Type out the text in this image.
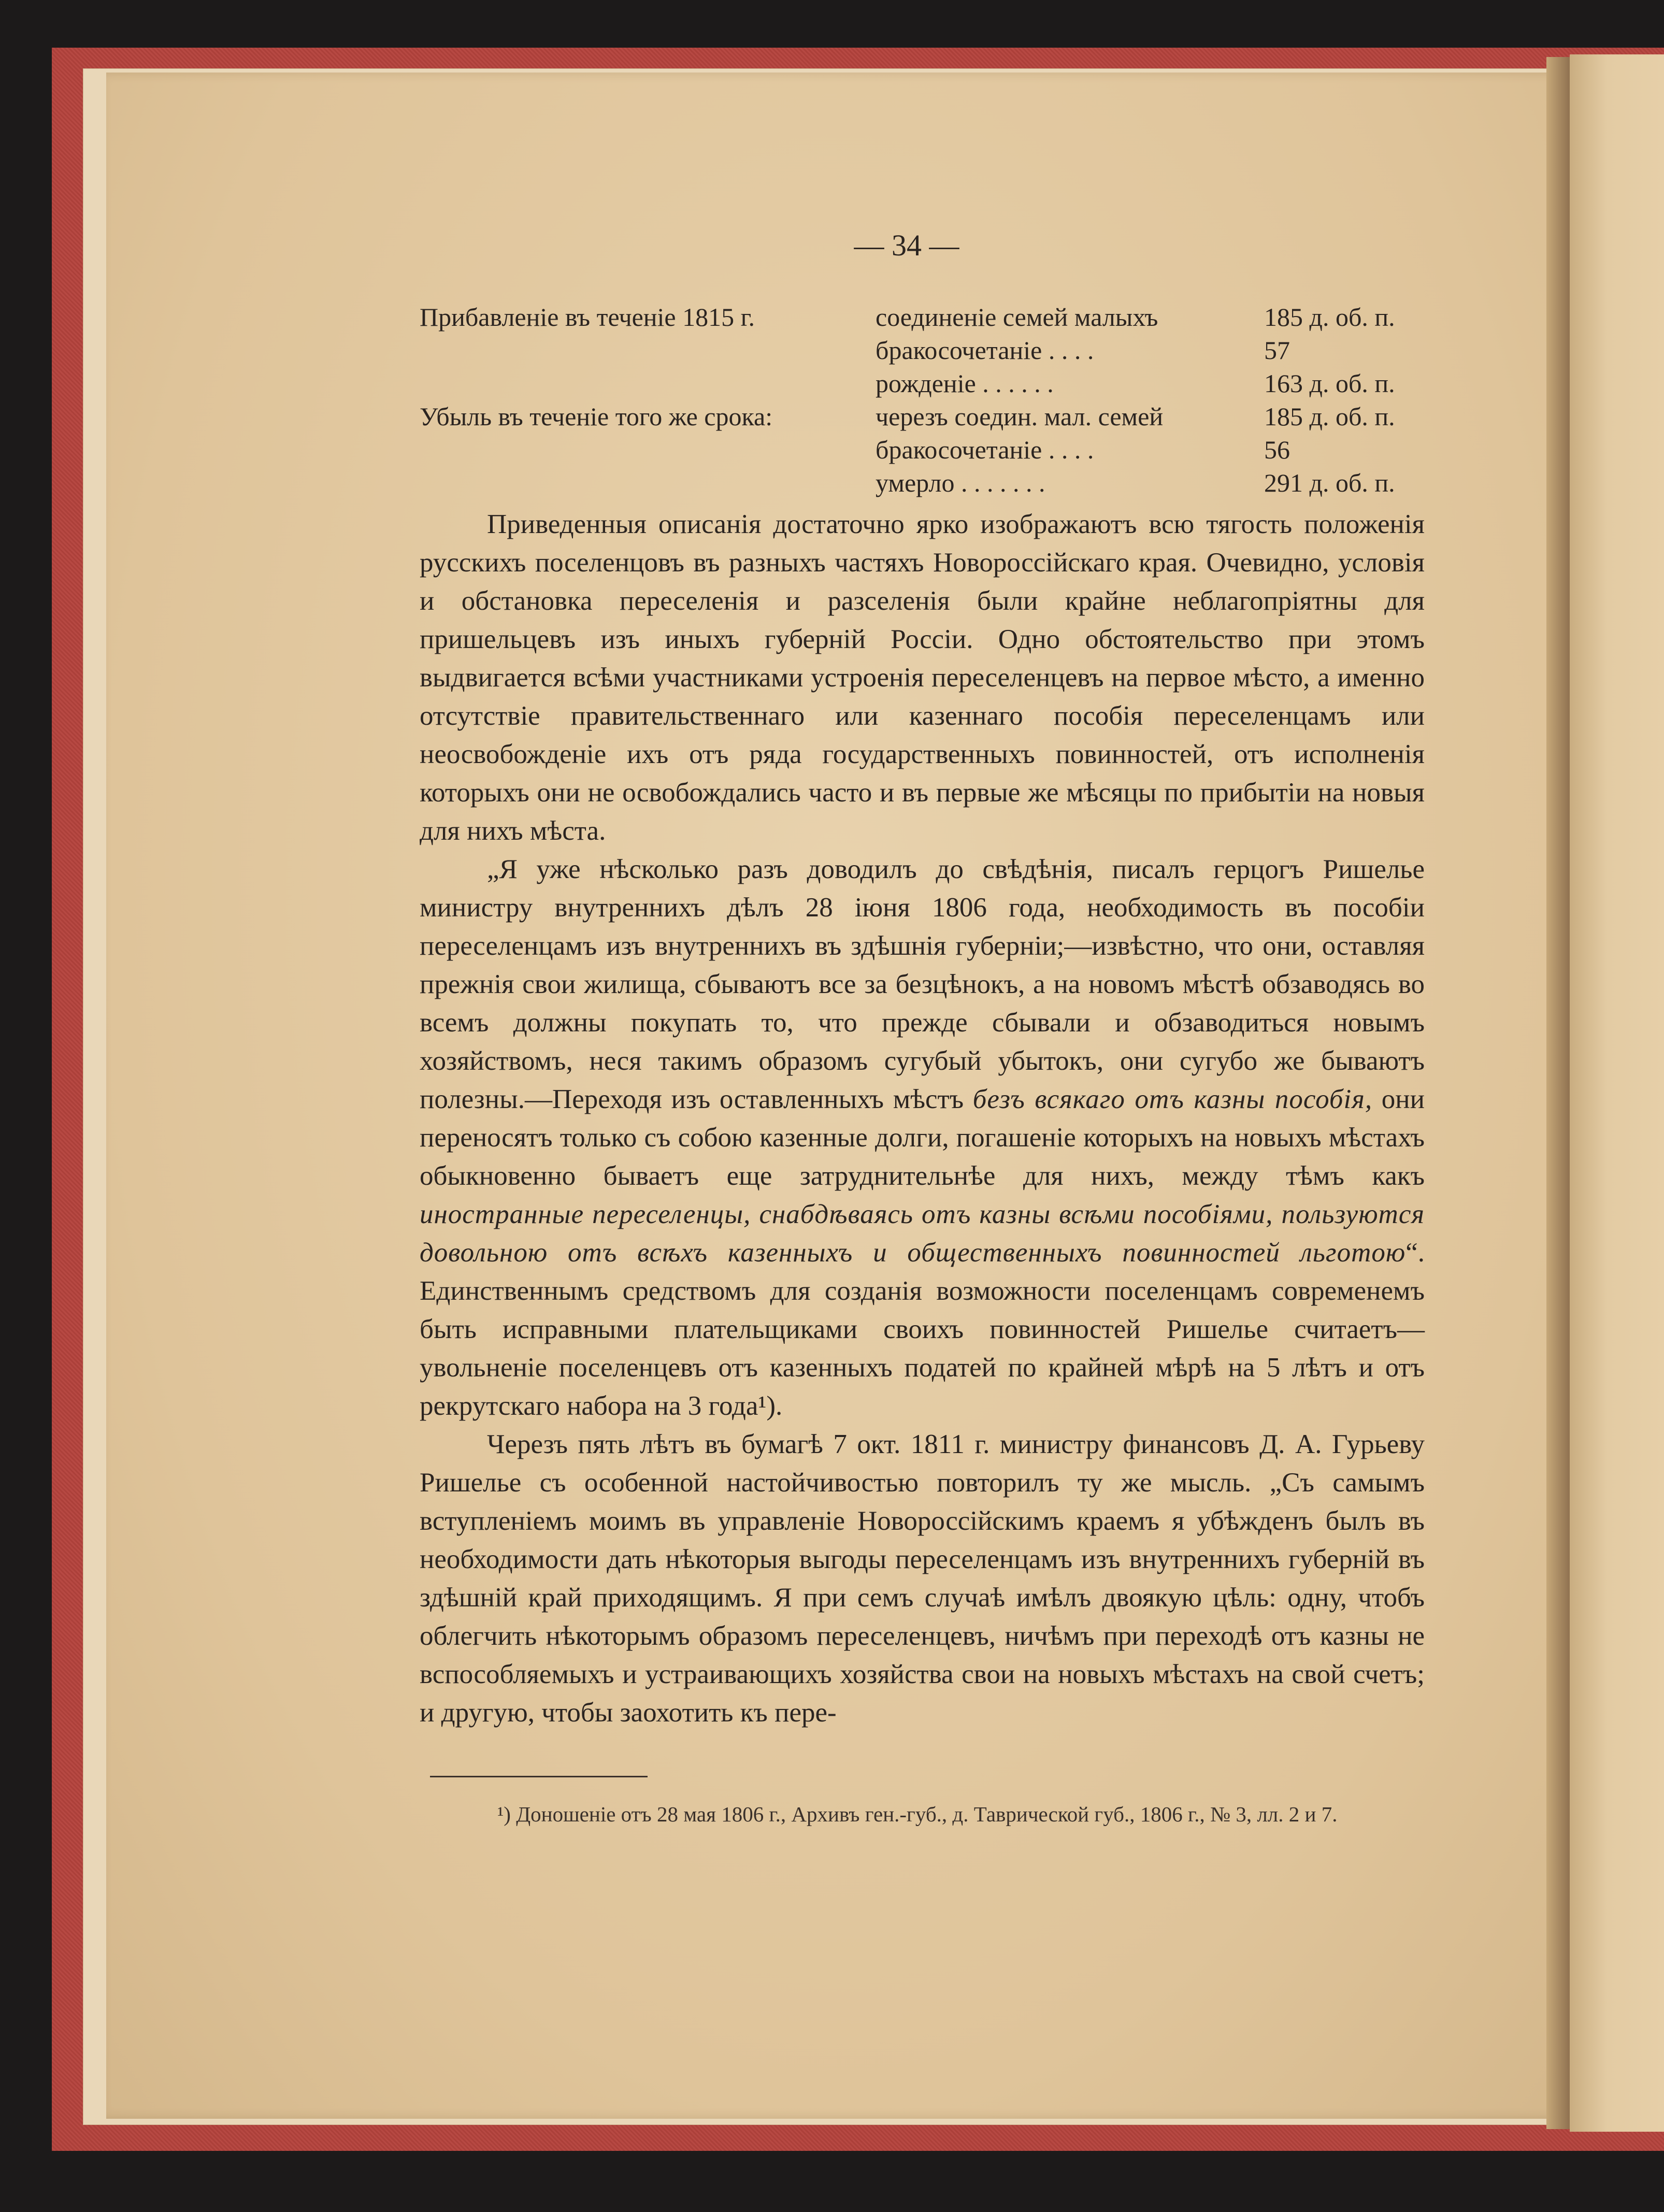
— 34 —
Прибавленіе въ теченіе 1815 г.	соединеніе семей малыхъ	185 д. об. п.
бракосочетаніе . . . .	57
рожденіе . . . . . .	163 д. об. п.
Убыль въ теченіе того же срока:	черезъ соедин. мал. семей	185 д. об. п.
бракосочетаніе . . . .	56
умерло . . . . . . .	291 д. об. п.

Приведенныя описанія достаточно ярко изображаютъ всю тягость положенія русскихъ поселенцовъ въ разныхъ частяхъ Новороссійскаго края. Очевидно, условія и обстановка переселенія и разселенія были крайне неблагопріятны для пришельцевъ изъ иныхъ губерній Россіи. Одно обстоятельство при этомъ выдвигается всѣми участниками устроенія переселенцевъ на первое мѣсто, а именно отсутствіе правительственнаго или казеннаго пособія переселенцамъ или неосвобожденіе ихъ отъ ряда государственныхъ повинностей, отъ исполненія которыхъ они не освобождались часто и въ первые же мѣсяцы по прибытіи на новыя для нихъ мѣста.

„Я уже нѣсколько разъ доводилъ до свѣдѣнія, писалъ герцогъ Ришелье министру внутреннихъ дѣлъ 28 іюня 1806 года, необходимость въ пособіи переселенцамъ изъ внутреннихъ въ здѣшнія губерніи;—извѣстно, что они, оставляя прежнія свои жилища, сбываютъ все за безцѣнокъ, а на новомъ мѣстѣ обзаводясь во всемъ должны покупать то, что прежде сбывали и обзаводиться новымъ хозяйствомъ, неся такимъ образомъ сугубый убытокъ, они сугубо же бываютъ полезны.—Переходя изъ оставленныхъ мѣстъ безъ всякаго отъ казны пособія, они переносятъ только съ собою казенные долги, погашеніе которыхъ на новыхъ мѣстахъ обыкновенно бываетъ еще затруднительнѣе для нихъ, между тѣмъ какъ иностранные переселенцы, снабдѣваясь отъ казны всѣми пособіями, пользуются довольною отъ всѣхъ казенныхъ и общественныхъ повинностей льготою“. Единственнымъ средствомъ для созданія возможности поселенцамъ современемъ быть исправными плательщиками своихъ повинностей Ришелье считаетъ—увольненіе поселенцевъ отъ казенныхъ податей по крайней мѣрѣ на 5 лѣтъ и отъ рекрутскаго набора на 3 года¹).

Черезъ пять лѣтъ въ бумагѣ 7 окт. 1811 г. министру финансовъ Д. А. Гурьеву Ришелье съ особенной настойчивостью повторилъ ту же мысль. „Съ самымъ вступленіемъ моимъ въ управленіе Новороссійскимъ краемъ я убѣжденъ былъ въ необходимости дать нѣкоторыя выгоды переселенцамъ изъ внутреннихъ губерній въ здѣшній край приходящимъ. Я при семъ случаѣ имѣлъ двоякую цѣль: одну, чтобъ облегчить нѣкоторымъ образомъ переселенцевъ, ничѣмъ при переходѣ отъ казны не вспособляемыхъ и устраивающихъ хозяйства свои на новыхъ мѣстахъ на свой счетъ; и другую, чтобы заохотить къ пере-

¹) Доношеніе отъ 28 мая 1806 г., Архивъ ген.-губ., д. Таврической губ., 1806 г., № 3, лл. 2 и 7.
